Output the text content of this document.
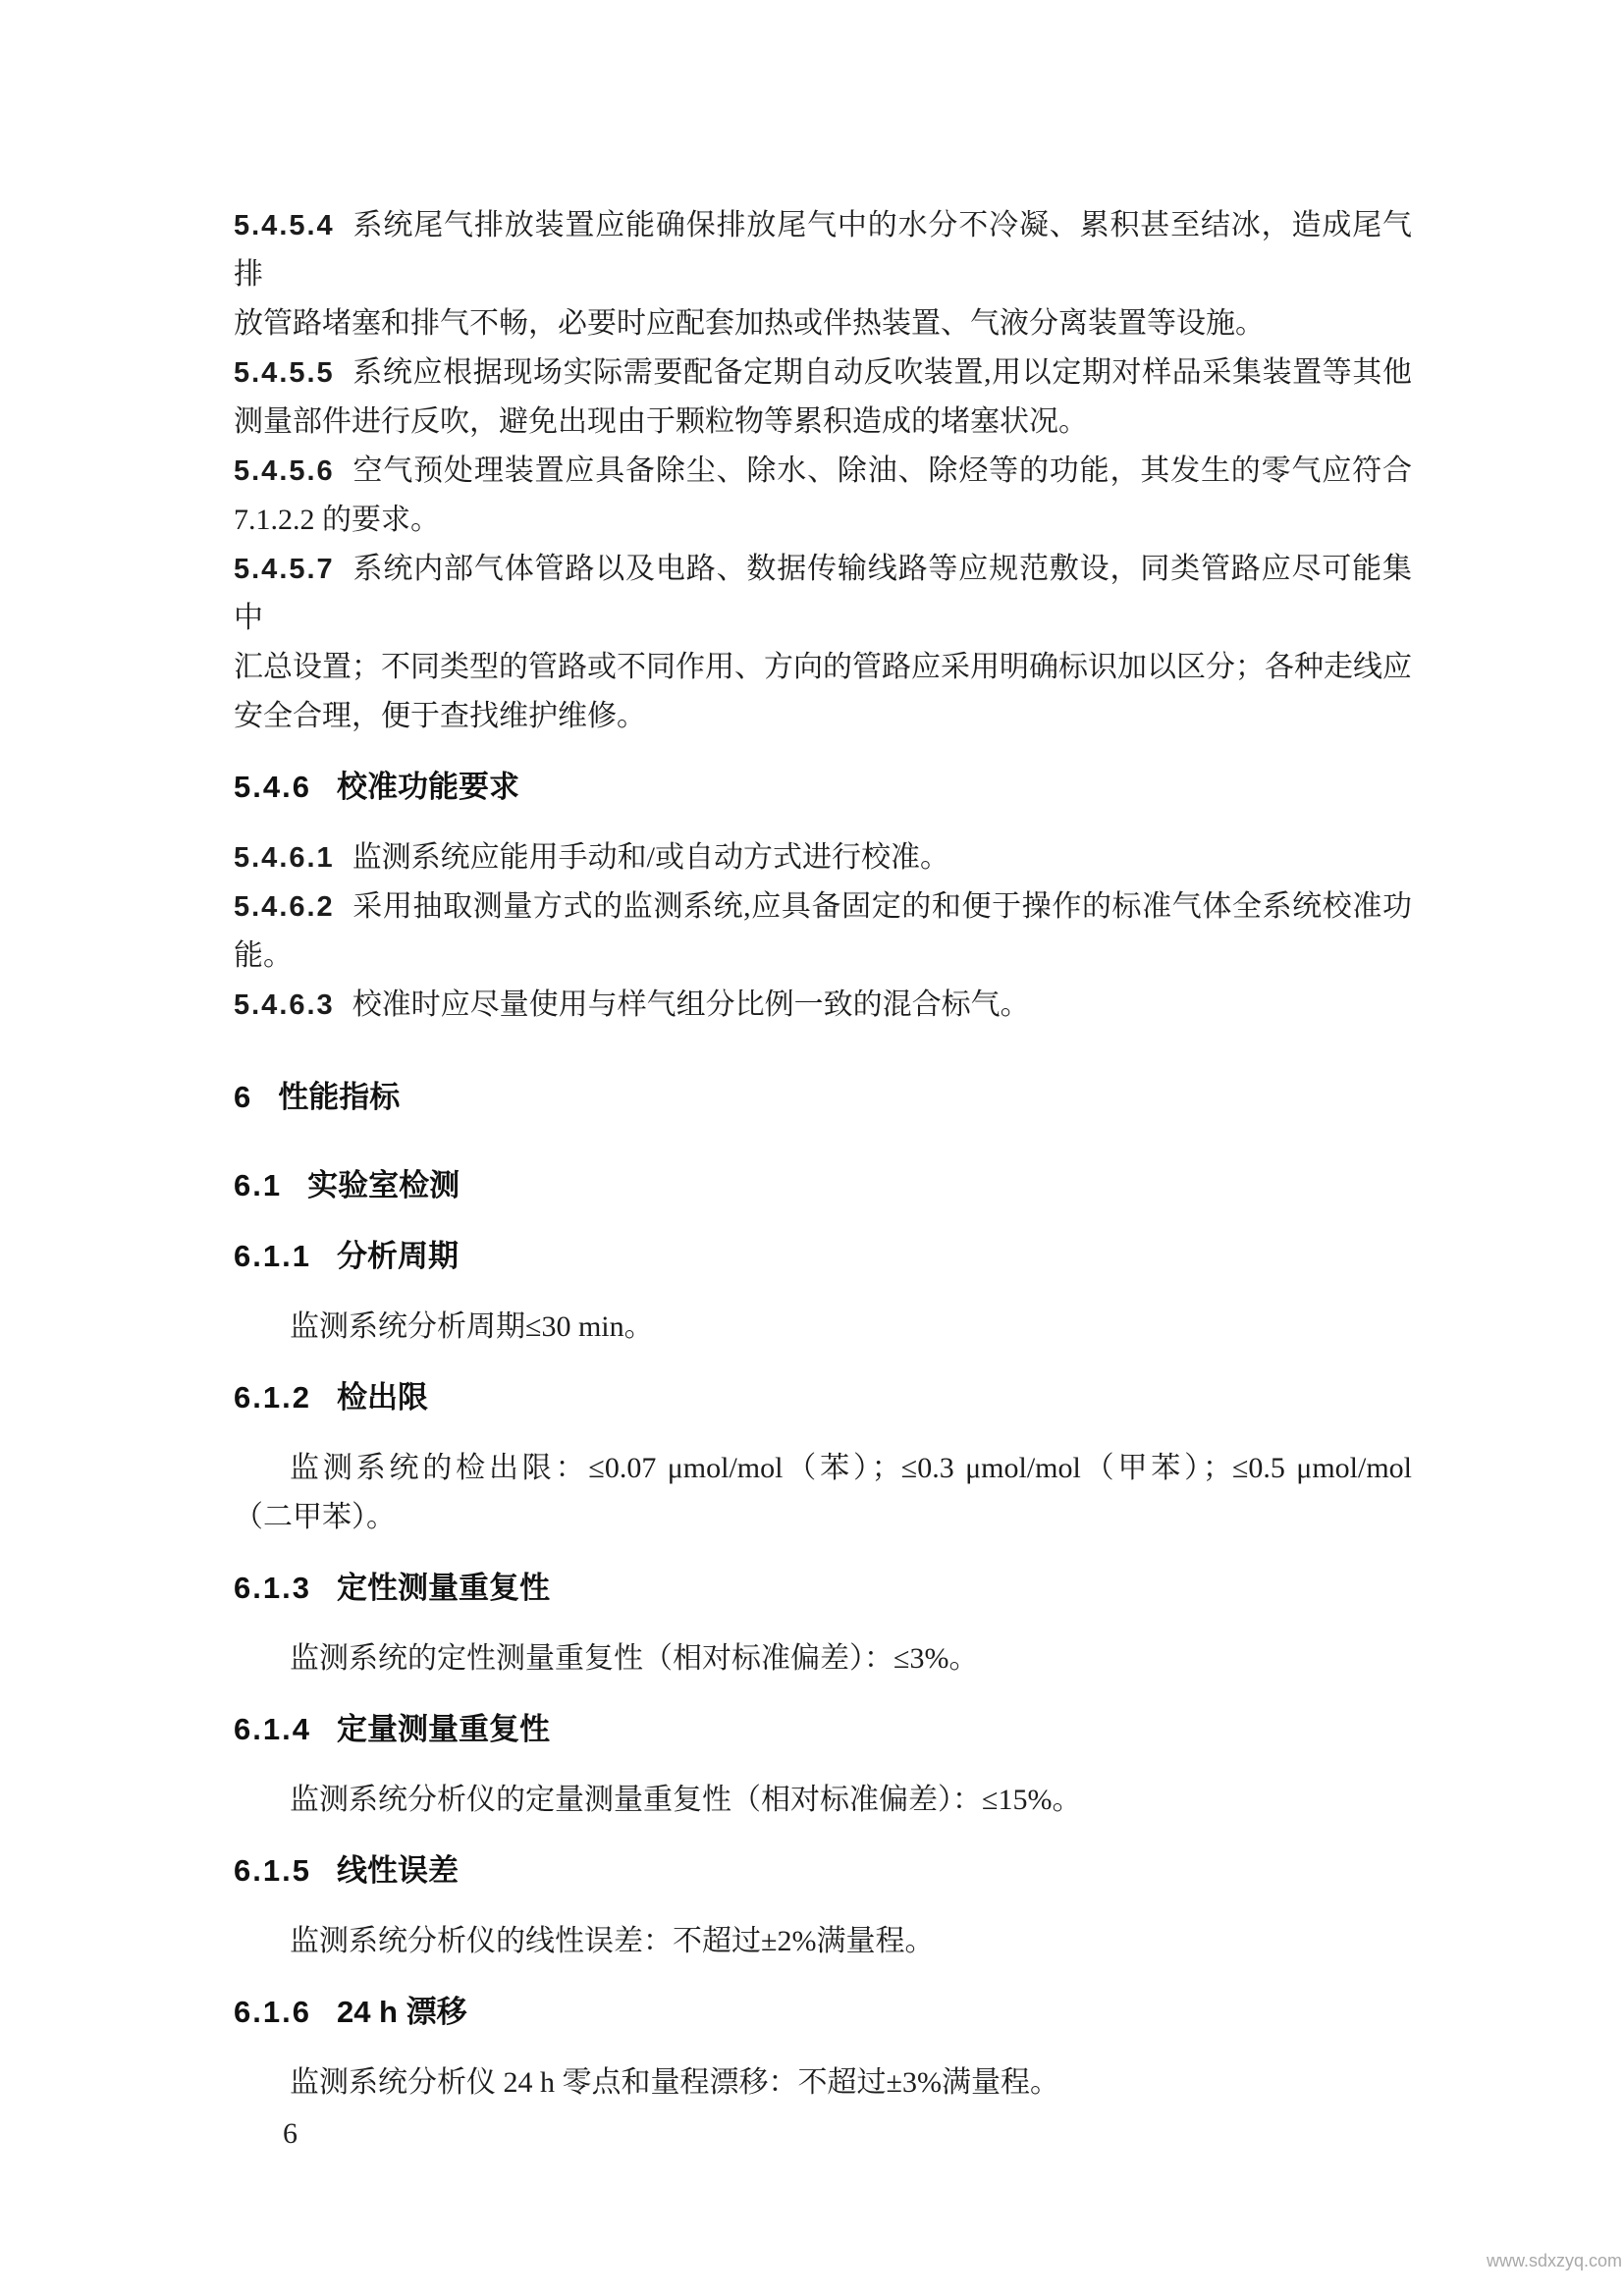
5.4.5.4 系统尾气排放装置应能确保排放尾气中的水分不冷凝、累积甚至结冰，造成尾气排
放管路堵塞和排气不畅，必要时应配套加热或伴热装置、气液分离装置等设施。
5.4.5.5 系统应根据现场实际需要配备定期自动反吹装置,用以定期对样品采集装置等其他
测量部件进行反吹，避免出现由于颗粒物等累积造成的堵塞状况。
5.4.5.6 空气预处理装置应具备除尘、除水、除油、除烃等的功能，其发生的零气应符合
7.1.2.2 的要求。
5.4.5.7 系统内部气体管路以及电路、数据传输线路等应规范敷设，同类管路应尽可能集中
汇总设置；不同类型的管路或不同作用、方向的管路应采用明确标识加以区分；各种走线应
安全合理，便于查找维护维修。
5.4.6 校准功能要求
5.4.6.1 监测系统应能用手动和/或自动方式进行校准。
5.4.6.2 采用抽取测量方式的监测系统,应具备固定的和便于操作的标准气体全系统校准功
能。
5.4.6.3 校准时应尽量使用与样气组分比例一致的混合标气。
6 性能指标
6.1 实验室检测
6.1.1 分析周期
监测系统分析周期≤30 min。
6.1.2 检出限
监测系统的检出限：≤0.07 μmol/mol（苯）；≤0.3 μmol/mol（甲苯）；≤0.5 μmol/mol
（二甲苯）。
6.1.3 定性测量重复性
监测系统的定性测量重复性（相对标准偏差）：≤3%。
6.1.4 定量测量重复性
监测系统分析仪的定量测量重复性（相对标准偏差）：≤15%。
6.1.5 线性误差
监测系统分析仪的线性误差：不超过±2%满量程。
6.1.6 24 h 漂移
监测系统分析仪 24 h 零点和量程漂移：不超过±3%满量程。
6
www.sdxzyq.com
